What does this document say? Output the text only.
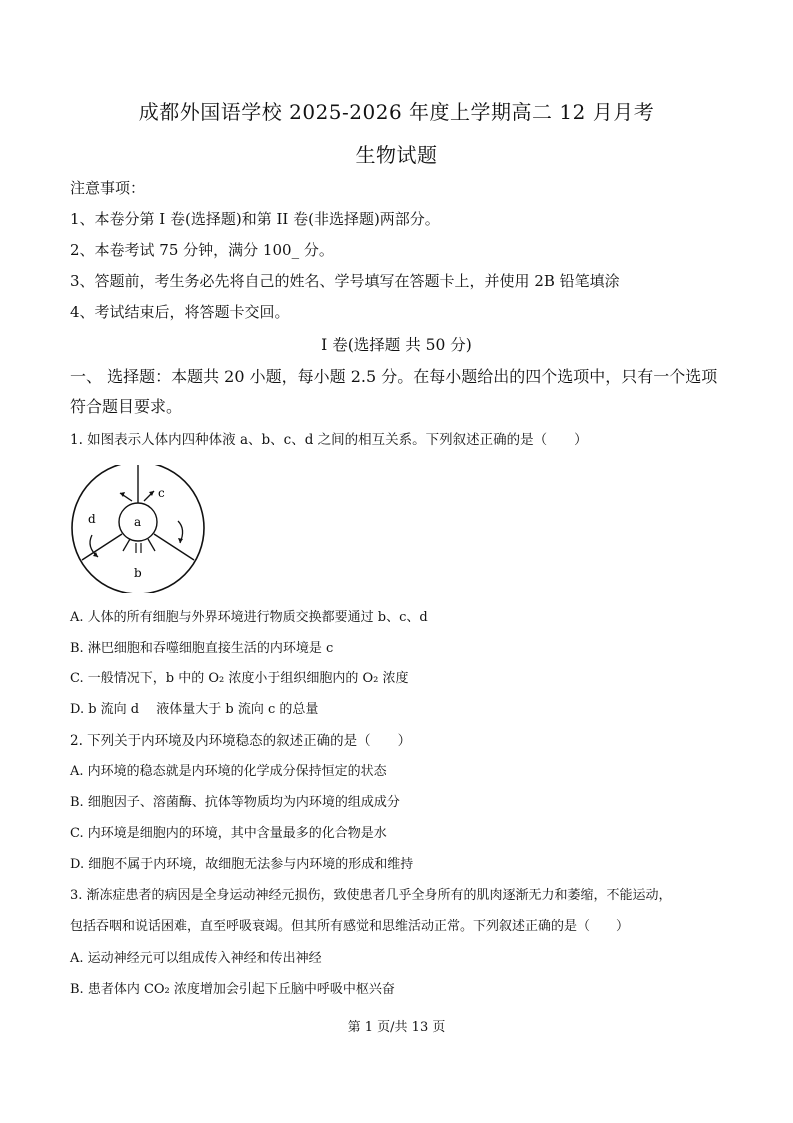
成都外国语学校 2025-2026 年度上学期高二 12 月月考
生物试题
注意事项：
1、本卷分第 I 卷(选择题)和第 II 卷(非选择题)两部分。
2、本卷考试 75 分钟，满分 100_ 分。
3、答题前，考生务必先将自己的姓名、学号填写在答题卡上，并使用 2B 铅笔填涂
4、考试结束后，将答题卡交回。
I 卷(选择题 共 50 分)
一、 选择题：本题共 20 小题，每小题 2.5 分。在每小题给出的四个选项中，只有一个选项
符合题目要求。
1. 如图表示人体内四种体液 a、b、c、d 之间的相互关系。下列叙述正确的是（　　）
a
b
c
d
A. 人体的所有细胞与外界环境进行物质交换都要通过 b、c、d
B. 淋巴细胞和吞噬细胞直接生活的内环境是 c
C. 一般情况下，b 中的 O₂ 浓度小于组织细胞内的 O₂ 浓度
D. b 流向 d　 液体量大于 b 流向 c 的总量
2. 下列关于内环境及内环境稳态的叙述正确的是（　　）
A. 内环境的稳态就是内环境的化学成分保持恒定的状态
B. 细胞因子、溶菌酶、抗体等物质均为内环境的组成成分
C. 内环境是细胞内的环境，其中含量最多的化合物是水
D. 细胞不属于内环境，故细胞无法参与内环境的形成和维持
3. 渐冻症患者的病因是全身运动神经元损伤，致使患者几乎全身所有的肌肉逐渐无力和萎缩，不能运动，
包括吞咽和说话困难，直至呼吸衰竭。但其所有感觉和思维活动正常。下列叙述正确的是（　　）
A. 运动神经元可以组成传入神经和传出神经
B. 患者体内 CO₂ 浓度增加会引起下丘脑中呼吸中枢兴奋
第 1 页/共 13 页
